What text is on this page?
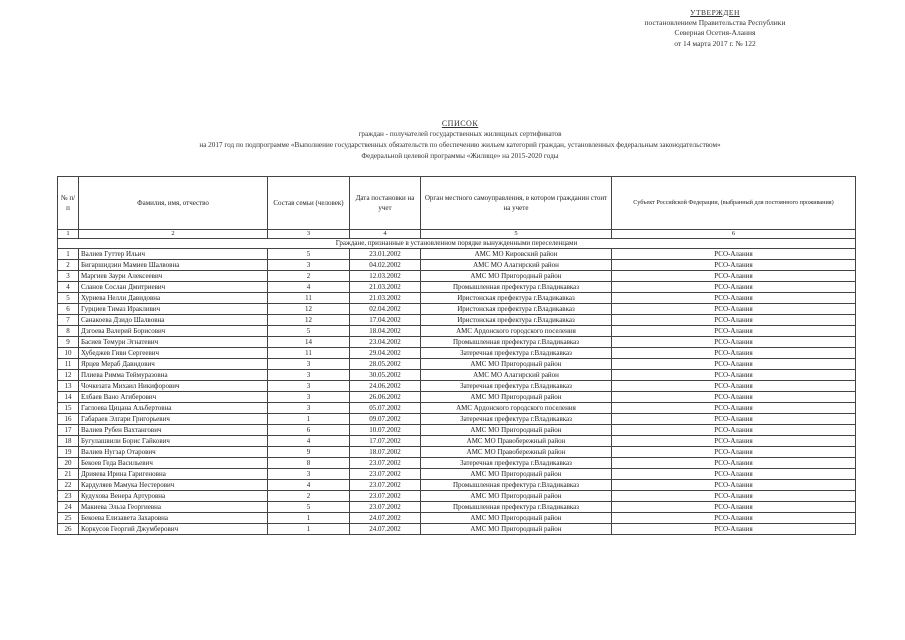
УТВЕРЖДЕН
постановлением Правительства Республики
Северная Осетия-Алания
от 14 марта 2017 г. № 122
СПИСОК
граждан - получателей государственных жилищных сертификатов
на 2017 год по подпрограмме «Выполнение государственных обязательств по обеспечению жильем категорий граждан, установленных федеральным законодательством»
Федеральной целевой программы «Жилище» на 2015-2020 годы
№ п/п	Фамилия, имя, отчество	Состав семьи (человек)	Дата постановки на учет	Орган местного самоуправления, в котором гражданин стоит на учете	Субъект Российской Федерации, (выбранный для постоянного проживания)
1	2	3	4	5	6
Граждане, признанные в установленном порядке вынужденными переселенцами					
1	Валиев Гуттер Ильич	5	23.01.2002	АМС МО Кировский район	РСО-Алания
2	Бигаршидзин Мамиев Шалвовна	3	04.02.2002	АМС МО Алагирский район	РСО-Алания
3	Маргиев Заури Алексеевич	2	12.03.2002	АМС МО Пригородный район	РСО-Алания
4	Сланов Сослан Дмитриевич	4	21.03.2002	Промышленная префектура г.Владикавказ	РСО-Алания
5	Хуриева Нелли Давидовна	11	21.03.2002	Иристонская префектура г.Владикавказ	РСО-Алания
6	Гурциев Тимаз Иракливич	12	02.04.2002	Иристонская префектура г.Владикавказ	РСО-Алания
7	Санакоева Дзидо Шалвовна	12	17.04.2002	Иристонская префектура г.Владикавказ	РСО-Алания
8	Дзгоева Валерий Борисович	5	18.04.2002	АМС Ардонского городского поселения	РСО-Алания
9	Басиев Темури Эгнатевич	14	23.04.2002	Промышленная префектура г.Владикавказ	РСО-Алания
10	Хубеджев Гиви Сергеевич	11	29.04.2002	Затеречная префектура г.Владикавказ	РСО-Алания
11	Ярцев Мераб Давидович	3	28.05.2002	АМС МО Пригородный район	РСО-Алания
12	Плиева Римма Теймуразовна	3	30.05.2002	АМС МО Алагирский район	РСО-Алания
13	Чочкезата Михаил Никифорович	3	24.06.2002	Затеречная префектура г.Владикавказ	РСО-Алания
14	Елбаев Вано Агиберович	3	26.06.2002	АМС МО Пригородный район	РСО-Алания
15	Гаглоева Цицана Альбертовна	3	05.07.2002	АМС Ардонского городского поселения	РСО-Алания
16	Габараев Элгари Григорьевич	1	09.07.2002	Затеречная префектура г.Владикавказ	РСО-Алания
17	Валиев Рубен Вахтангович	6	10.07.2002	АМС МО Пригородный район	РСО-Алания
18	Бугулашвили Борис Гайкович	4	17.07.2002	АМС МО Правобережный район	РСО-Алания
19	Валиев Нугзар Отарович	9	18.07.2002	АМС МО Правобережный район	РСО-Алания
20	Бекоев Геда Васильевич	8	23.07.2002	Затеречная префектура г.Владикавказ	РСО-Алания
21	Дрияева Ирина Гаригеновна	3	23.07.2002	АМС МО Пригородный район	РСО-Алания
22	Кардуляев Мамука Нестерович	4	23.07.2002	Промышленная префектура г.Владикавказ	РСО-Алания
23	Кудухова Венера Артуровна	2	23.07.2002	АМС МО Пригородный район	РСО-Алания
24	Макиева Эльза Георгиевна	5	23.07.2002	Промышленная префектура г.Владикавказ	РСО-Алания
25	Бекоева Елизавета Захаровна	1	24.07.2002	АМС МО Пригородный район	РСО-Алания
26	Коркусов Георгий Джумберович	1	24.07.2002	АМС МО Пригородный район	РСО-Алания
